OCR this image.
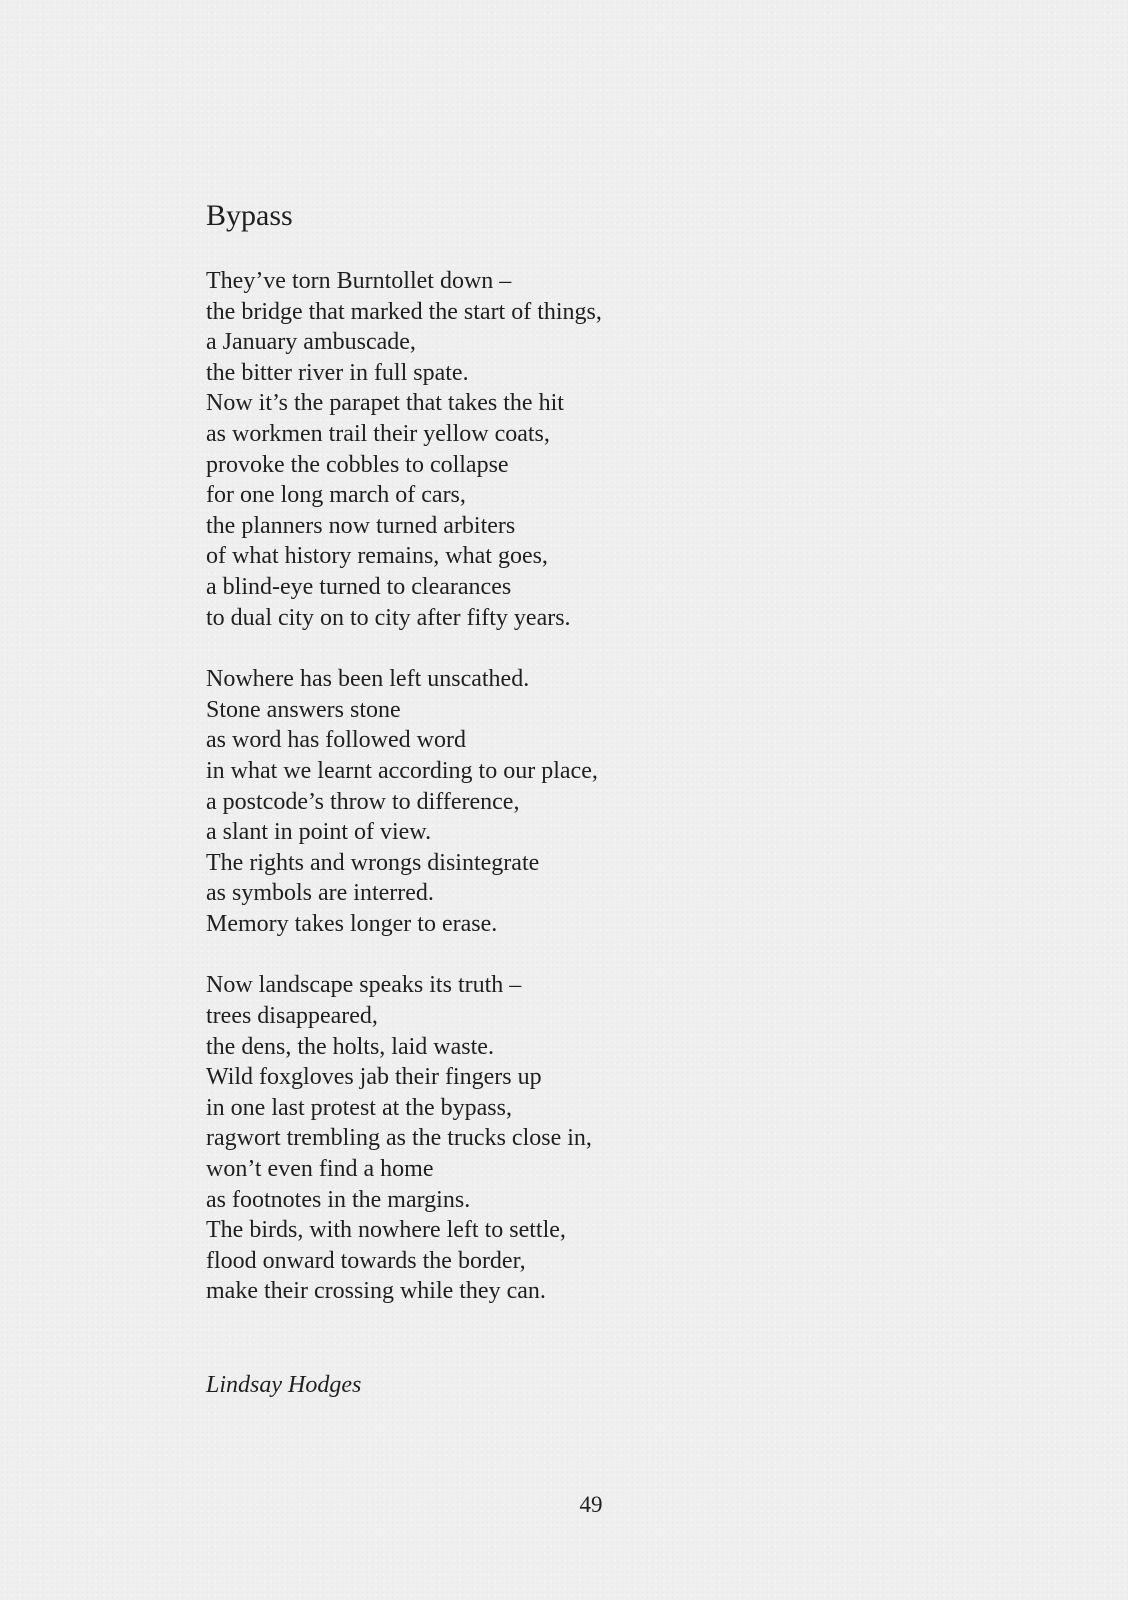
Bypass
They’ve torn Burntollet down –
the bridge that marked the start of things,
a January ambuscade,
the bitter river in full spate.
Now it’s the parapet that takes the hit
as workmen trail their yellow coats,
provoke the cobbles to collapse
for one long march of cars,
the planners now turned arbiters
of what history remains, what goes,
a blind-eye turned to clearances
to dual city on to city after fifty years.
Nowhere has been left unscathed.
Stone answers stone
as word has followed word
in what we learnt according to our place,
a postcode’s throw to difference,
a slant in point of view.
The rights and wrongs disintegrate
as symbols are interred.
Memory takes longer to erase.
Now landscape speaks its truth –
trees disappeared,
the dens, the holts, laid waste.
Wild foxgloves jab their fingers up
in one last protest at the bypass,
ragwort trembling as the trucks close in,
won’t even find a home
as footnotes in the margins.
The birds, with nowhere left to settle,
flood onward towards the border,
make their crossing while they can.
Lindsay Hodges
49
